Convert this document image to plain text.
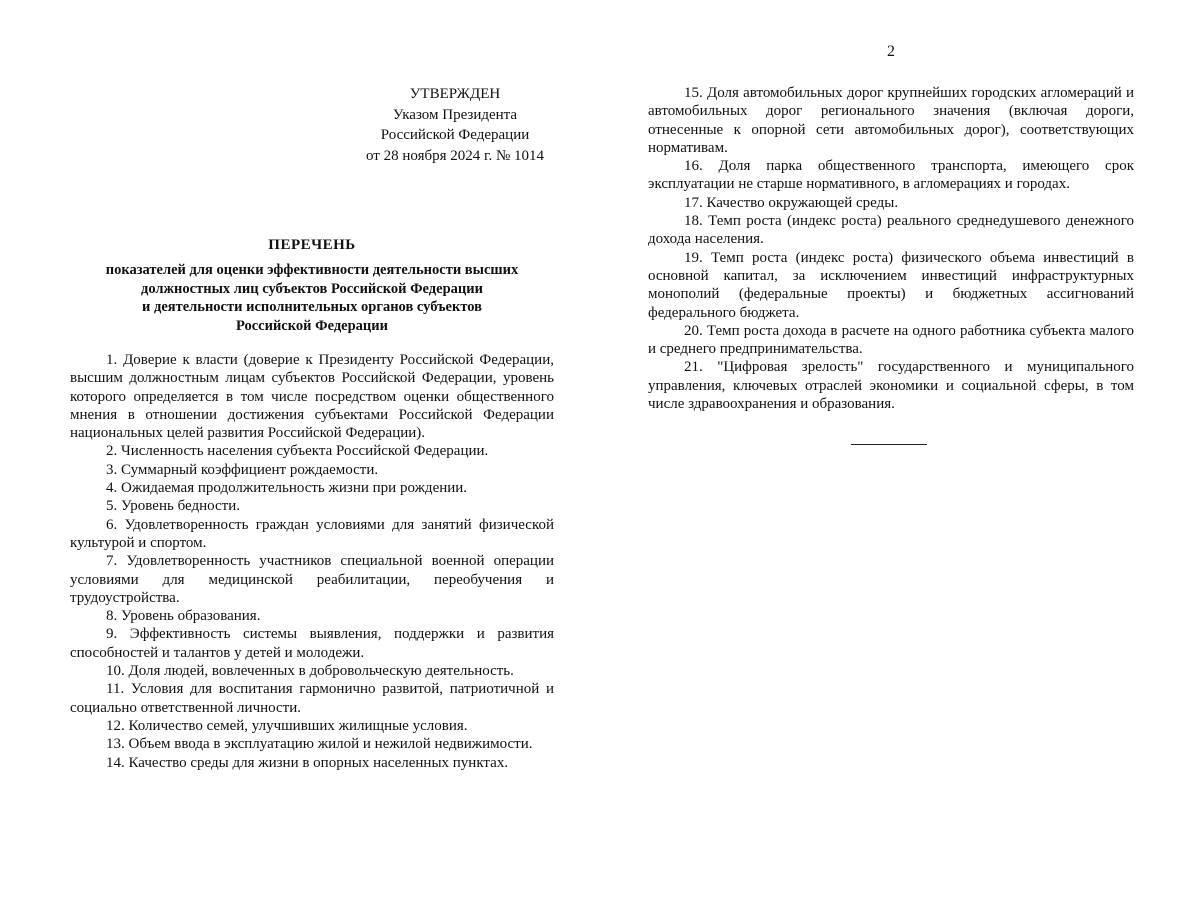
2
УТВЕРЖДЕН
Указом Президента
Российской Федерации
от 28 ноября 2024 г. № 1014
ПЕРЕЧЕНЬ
показателей для оценки эффективности деятельности высших
должностных лиц субъектов Российской Федерации
и деятельности исполнительных органов субъектов
Российской Федерации

1. Доверие к власти (доверие к Президенту Российской Федерации, высшим должностным лицам субъектов Российской Федерации, уровень которого определяется в том числе посредством оценки общественного мнения в отношении достижения субъектами Российской Федерации национальных целей развития Российской Федерации).

2. Численность населения субъекта Российской Федерации.

3. Суммарный коэффициент рождаемости.

4. Ожидаемая продолжительность жизни при рождении.

5. Уровень бедности.

6. Удовлетворенность граждан условиями для занятий физической культурой и спортом.

7. Удовлетворенность участников специальной военной операции условиями для медицинской реабилитации, переобучения и трудоустройства.

8. Уровень образования.

9. Эффективность системы выявления, поддержки и развития способностей и талантов у детей и молодежи.

10. Доля людей, вовлеченных в добровольческую деятельность.

11. Условия для воспитания гармонично развитой, патриотичной и социально ответственной личности.

12. Количество семей, улучшивших жилищные условия.

13. Объем ввода в эксплуатацию жилой и нежилой недвижимости.

14. Качество среды для жизни в опорных населенных пунктах.

15. Доля автомобильных дорог крупнейших городских агломераций и автомобильных дорог регионального значения (включая дороги, отнесенные к опорной сети автомобильных дорог), соответствующих нормативам.

16. Доля парка общественного транспорта, имеющего срок эксплуатации не старше нормативного, в агломерациях и городах.

17. Качество окружающей среды.

18. Темп роста (индекс роста) реального среднедушевого денежного дохода населения.

19. Темп роста (индекс роста) физического объема инвестиций в основной капитал, за исключением инвестиций инфраструктурных монополий (федеральные проекты) и бюджетных ассигнований федерального бюджета.

20. Темп роста дохода в расчете на одного работника субъекта малого и среднего предпринимательства.

21. "Цифровая зрелость" государственного и муниципального управления, ключевых отраслей экономики и социальной сферы, в том числе здравоохранения и образования.
